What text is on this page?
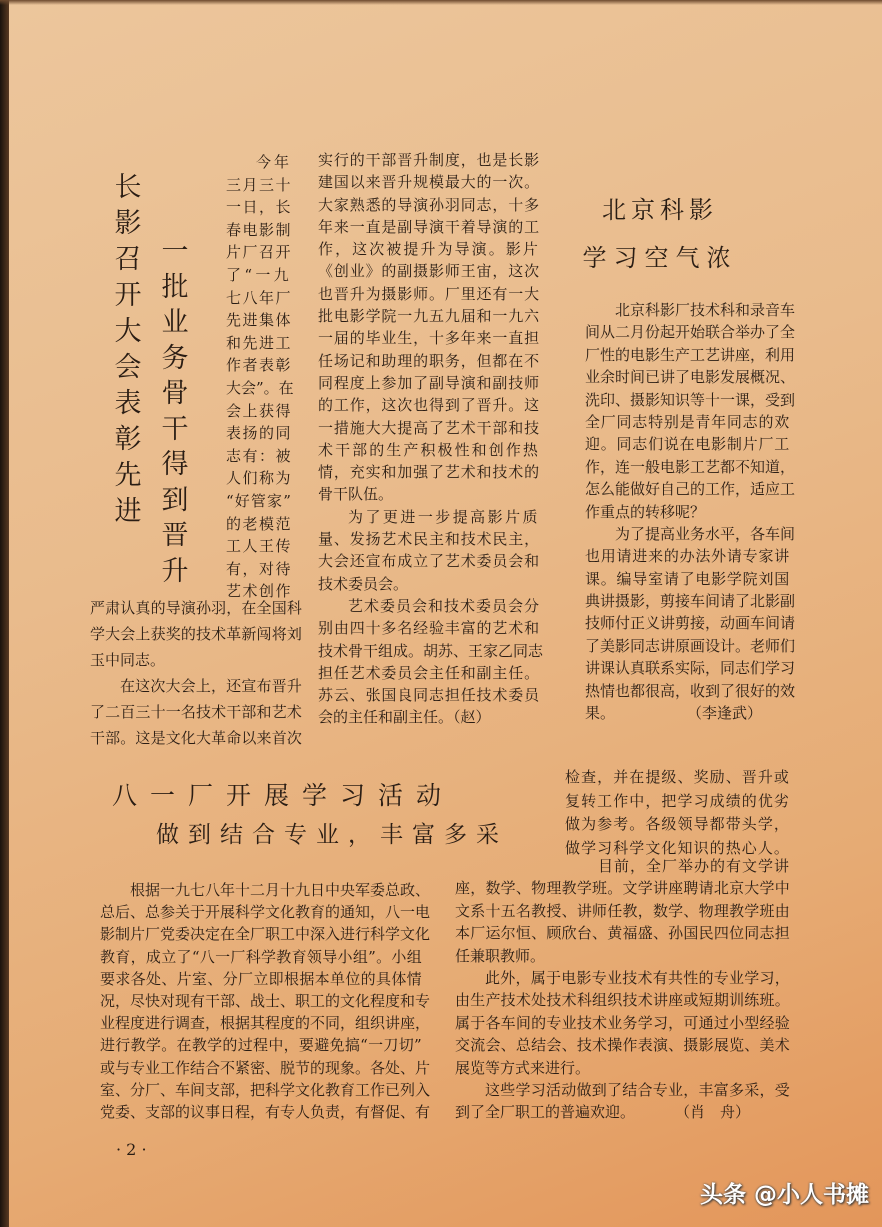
长
影
召
开
大
会
表
彰
先
进
一
批
业
务
骨
干
得
到
晋
升
今年
三月三十
一日，长
春电影制
片厂召开
了“一九
七八年厂
先进集体
和先进工
作者表彰
大会”。在
会上获得
表扬的同
志有：被
人们称为
“好管家”
的老模范
工人王传
有，对待
艺术创作
严肃认真的导演孙羽，在全国科
学大会上获奖的技术革新闯将刘
玉中同志。
在这次大会上，还宣布晋升
了二百三十一名技术干部和艺术
干部。这是文化大革命以来首次
实行的干部晋升制度，也是长影
建国以来晋升规模最大的一次。
大家熟悉的导演孙羽同志，十多
年来一直是副导演干着导演的工
作，这次被提升为导演。影片
《创业》的副摄影师王宙，这次
也晋升为摄影师。厂里还有一大
批电影学院一九五九届和一九六
一届的毕业生，十多年来一直担
任场记和助理的职务，但都在不
同程度上参加了副导演和副技师
的工作，这次也得到了晋升。这
一措施大大提高了艺术干部和技
术干部的生产积极性和创作热
情，充实和加强了艺术和技术的
骨干队伍。
为了更进一步提高影片质
量、发扬艺术民主和技术民主，
大会还宣布成立了艺术委员会和
技术委员会。
艺术委员会和技术委员会分
别由四十多名经验丰富的艺术和
技术骨干组成。胡苏、王家乙同志
担任艺术委员会主任和副主任。
苏云、张国良同志担任技术委员
会的主任和副主任。（赵）
北京科影
学习空气浓
北京科影厂技术科和录音车
间从二月份起开始联合举办了全
厂性的电影生产工艺讲座，利用
业余时间已讲了电影发展概况、
洗印、摄影知识等十一课，受到
全厂同志特别是青年同志的欢
迎。同志们说在电影制片厂工
作，连一般电影工艺都不知道，
怎么能做好自己的工作，适应工
作重点的转移呢？
为了提高业务水平，各车间
也用请进来的办法外请专家讲
课。编导室请了电影学院刘国
典讲摄影，剪接车间请了北影副
技师付正义讲剪接，动画车间请
了美影同志讲原画设计。老师们
讲课认真联系实际，同志们学习
热情也都很高，收到了很好的效
果。	（李逢武）
八一厂开展学习活动
做到结合专业，丰富多采
根据一九七八年十二月十九日中央军委总政、
总后、总参关于开展科学文化教育的通知，八一电
影制片厂党委决定在全厂职工中深入进行科学文化
教育，成立了“八一厂科学教育领导小组”。小组
要求各处、片室、分厂立即根据本单位的具体情
况，尽快对现有干部、战士、职工的文化程度和专
业程度进行调查，根据其程度的不同，组织讲座，
进行教学。在教学的过程中，要避免搞“一刀切”
或与专业工作结合不紧密、脱节的现象。各处、片
室、分厂、车间支部，把科学文化教育工作已列入
党委、支部的议事日程，有专人负责，有督促、有
检查，并在提级、奖励、晋升或
复转工作中，把学习成绩的优劣
做为参考。各级领导都带头学，
做学习科学文化知识的热心人。
目前，全厂举办的有文学讲
座，数学、物理教学班。文学讲座聘请北京大学中
文系十五名教授、讲师任教，数学、物理教学班由
本厂运尔恒、顾欣台、黄福盛、孙国民四位同志担
任兼职教师。
此外，属于电影专业技术有共性的专业学习，
由生产技术处技术科组织技术讲座或短期训练班。
属于各车间的专业技术业务学习，可通过小型经验
交流会、总结会、技术操作表演、摄影展览、美术
展览等方式来进行。
这些学习活动做到了结合专业，丰富多采，受
到了全厂职工的普遍欢迎。	（肖　舟）
· 2 ·
头条 @小人书摊
